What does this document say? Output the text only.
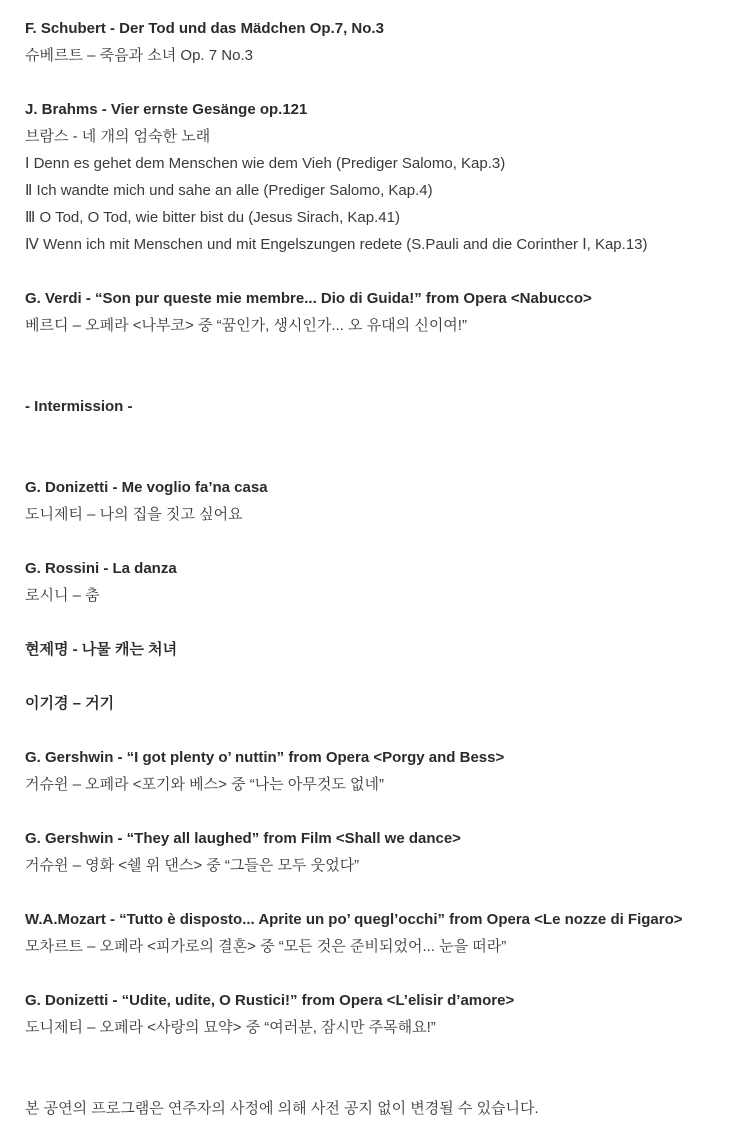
F. Schubert - Der Tod und das Mädchen Op.7, No.3
슈베르트 – 죽음과 소녀 Op. 7 No.3
J. Brahms - Vier ernste Gesänge op.121
브람스 - 네 개의 엄숙한 노래
Ⅰ Denn es gehet dem Menschen wie dem Vieh (Prediger Salomo, Kap.3)
Ⅱ Ich wandte mich und sahe an alle (Prediger Salomo, Kap.4)
Ⅲ O Tod, O Tod, wie bitter bist du (Jesus Sirach, Kap.41)
Ⅳ Wenn ich mit Menschen und mit Engelszungen redete (S.Pauli and die Corinther Ⅰ, Kap.13)
G. Verdi - “Son pur queste mie membre... Dio di Guida!” from Opera <Nabucco>
베르디 – 오페라 <나부코> 중 “꿈인가, 생시인가... 오 유대의 신이여!”
- Intermission -
G. Donizetti - Me voglio fa’na casa
도니제티 – 나의 집을 짓고 싶어요
G. Rossini - La danza
로시니 – 춤
현제명 - 나물 캐는 처녀
이기경 – 거기
G. Gershwin - “I got plenty o’ nuttin” from Opera <Porgy and Bess>
거슈윈 – 오페라 <포기와 베스> 중 “나는 아무것도 없네”
G. Gershwin - “They all laughed” from Film <Shall we dance>
거슈윈 – 영화 <쉘 위 댄스> 중 “그들은 모두 웃었다”
W.A.Mozart - “Tutto è disposto... Aprite un po’ quegl’occhi” from Opera <Le nozze di Figaro>
모차르트 – 오페라 <피가로의 결혼> 중 “모든 것은 준비되었어... 눈을 떠라”
G. Donizetti - “Udite, udite, O Rustici!” from Opera <L’elisir d’amore>
도니제티 – 오페라 <사랑의 묘약> 중 “여러분, 잠시만 주목해요!”
본 공연의 프로그램은 연주자의 사정에 의해 사전 공지 없이 변경될 수 있습니다.
